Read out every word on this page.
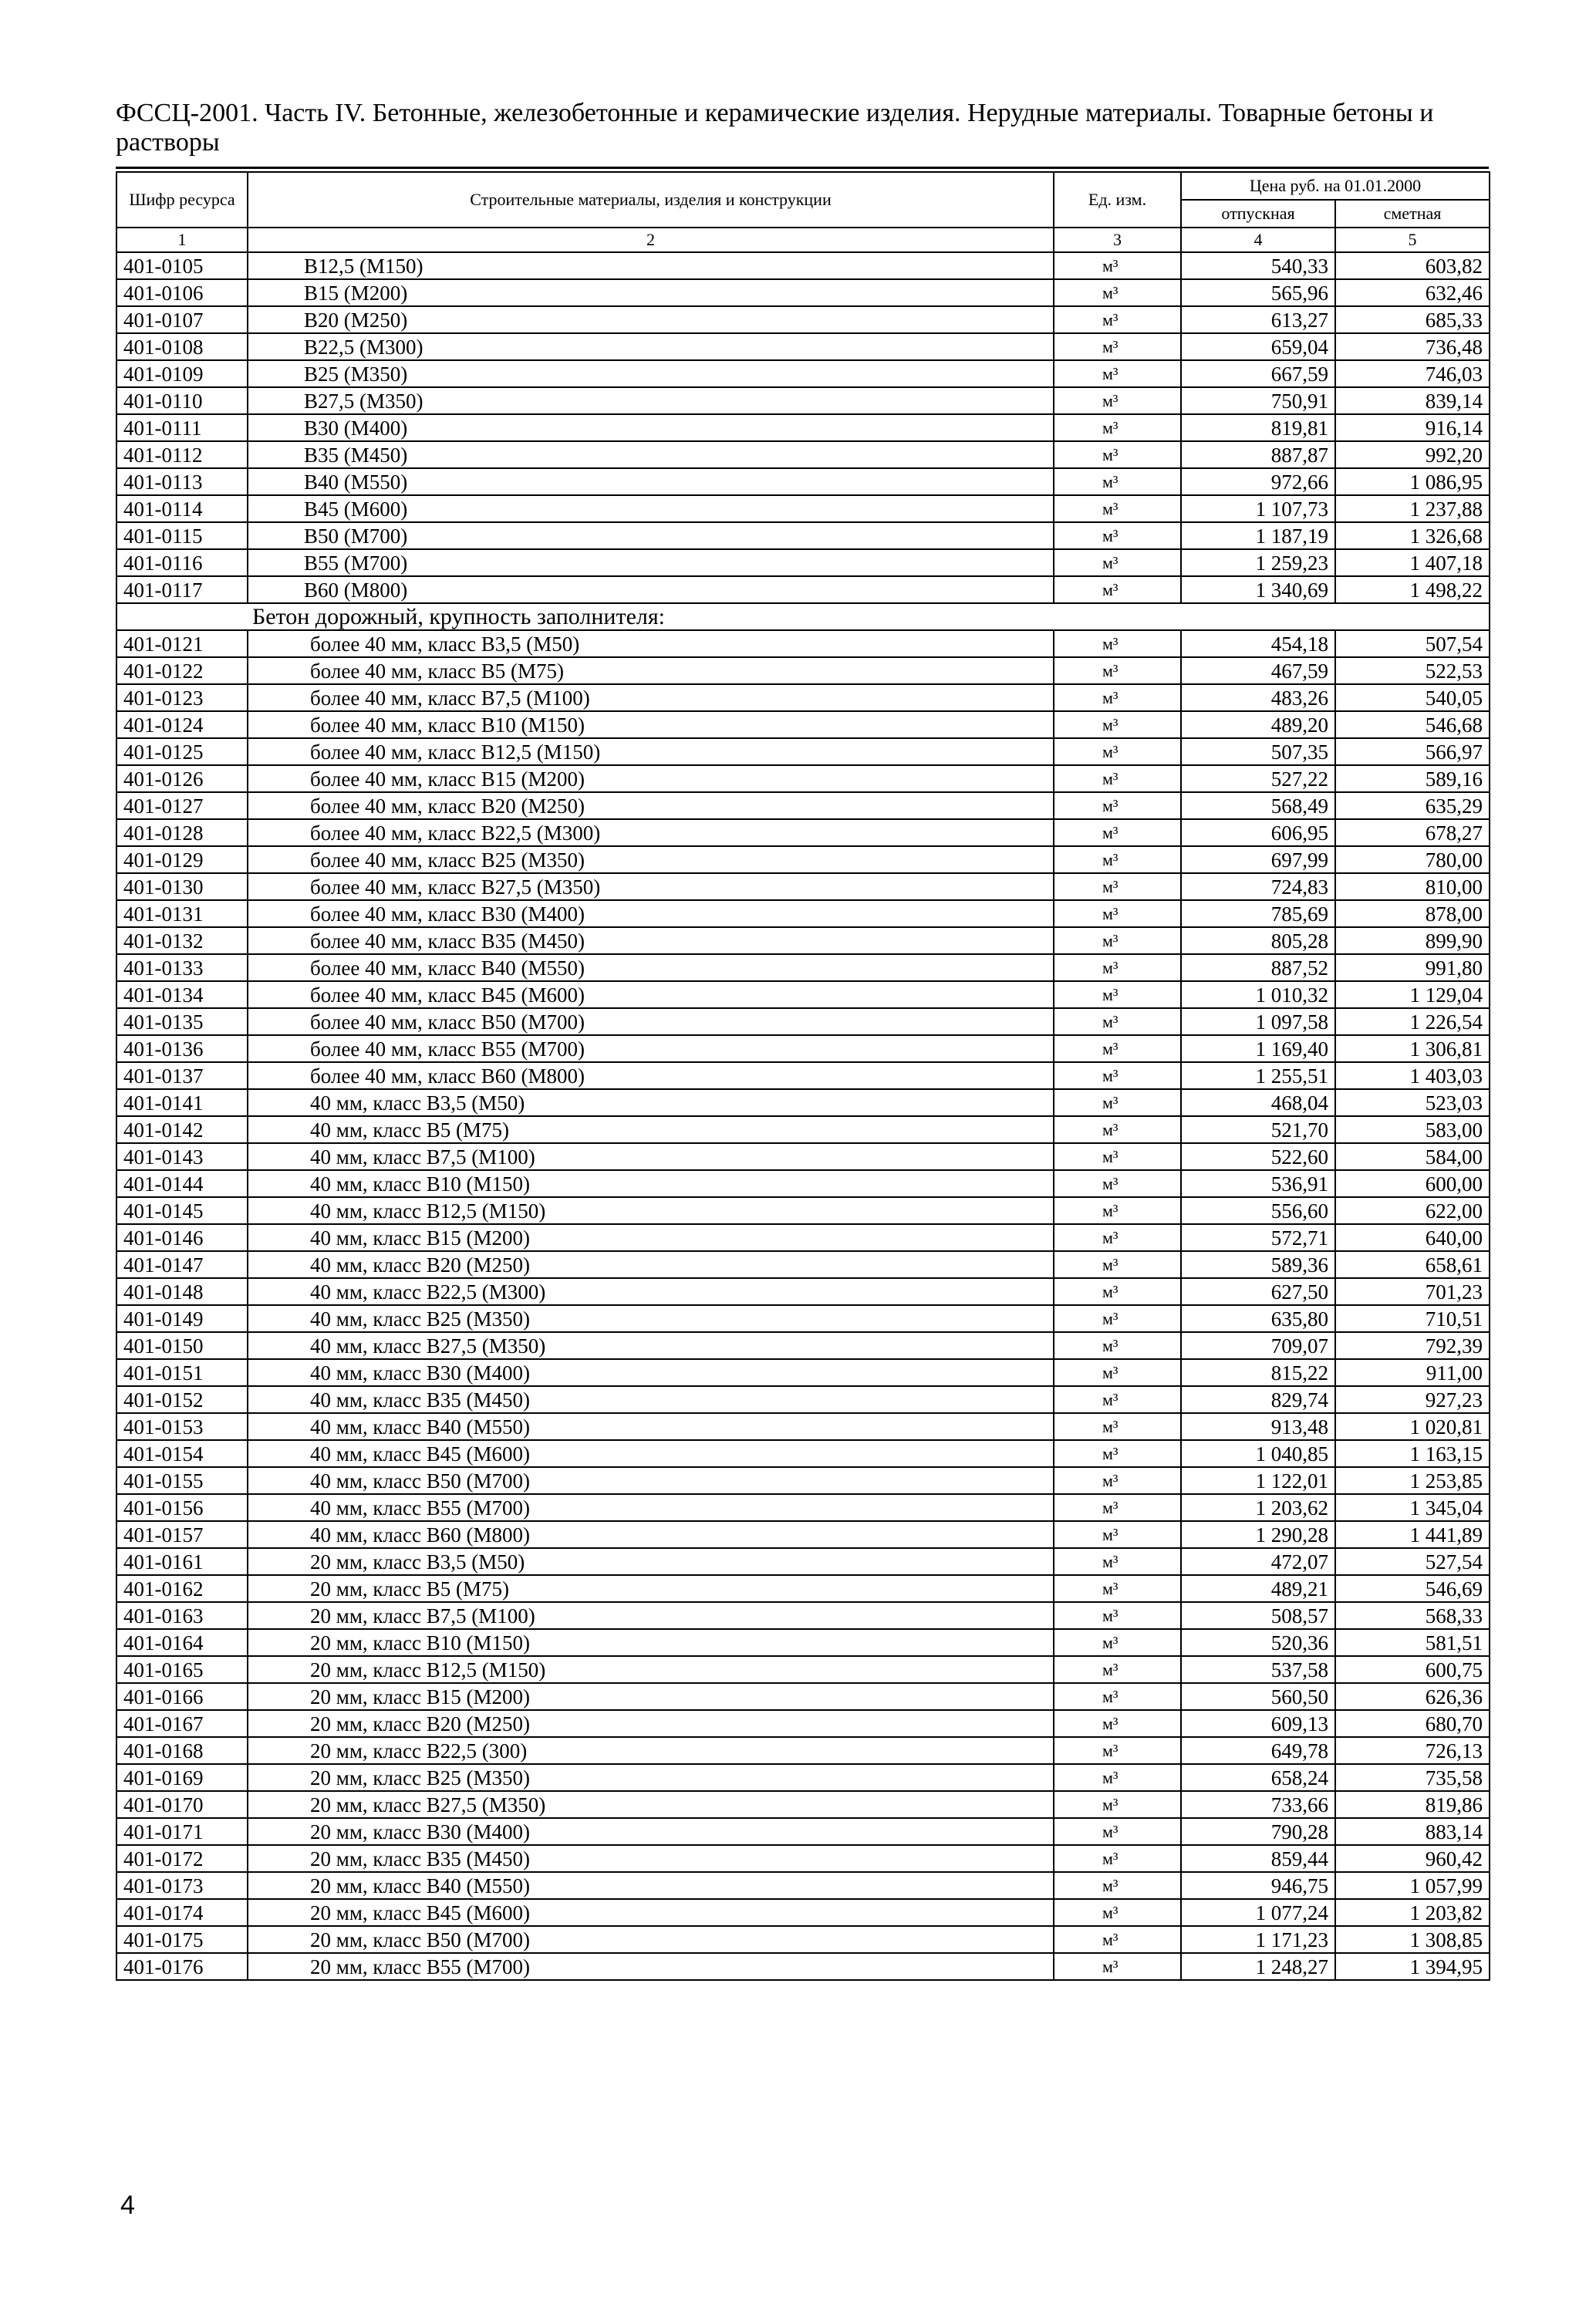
ФССЦ-2001. Часть IV. Бетонные, железобетонные и керамические изделия. Нерудные материалы. Товарные бетоны и растворы
Шифр ресурса	Строительные материалы, изделия и конструкции	Ед. изм.	Цена руб. на 01.01.2000	
			отпускная	сметная
1	2	3	4	5
401-0105	В12,5 (М150)	м³	540,33	603,82
401-0106	В15 (М200)	м³	565,96	632,46
401-0107	В20 (М250)	м³	613,27	685,33
401-0108	В22,5 (М300)	м³	659,04	736,48
401-0109	В25 (М350)	м³	667,59	746,03
401-0110	В27,5 (М350)	м³	750,91	839,14
401-0111	В30 (М400)	м³	819,81	916,14
401-0112	В35 (М450)	м³	887,87	992,20
401-0113	В40 (М550)	м³	972,66	1 086,95
401-0114	В45 (М600)	м³	1 107,73	1 237,88
401-0115	В50 (М700)	м³	1 187,19	1 326,68
401-0116	В55 (М700)	м³	1 259,23	1 407,18
401-0117	В60 (М800)	м³	1 340,69	1 498,22
Бетон дорожный, крупность заполнителя:				
401-0121	более 40 мм, класс В3,5 (М50)	м³	454,18	507,54
401-0122	более 40 мм, класс В5 (М75)	м³	467,59	522,53
401-0123	более 40 мм, класс В7,5 (М100)	м³	483,26	540,05
401-0124	более 40 мм, класс В10 (М150)	м³	489,20	546,68
401-0125	более 40 мм, класс В12,5 (М150)	м³	507,35	566,97
401-0126	более 40 мм, класс В15 (М200)	м³	527,22	589,16
401-0127	более 40 мм, класс В20 (М250)	м³	568,49	635,29
401-0128	более 40 мм, класс В22,5 (М300)	м³	606,95	678,27
401-0129	более 40 мм, класс В25 (М350)	м³	697,99	780,00
401-0130	более 40 мм, класс В27,5 (М350)	м³	724,83	810,00
401-0131	более 40 мм, класс В30 (М400)	м³	785,69	878,00
401-0132	более 40 мм, класс В35 (М450)	м³	805,28	899,90
401-0133	более 40 мм, класс В40 (М550)	м³	887,52	991,80
401-0134	более 40 мм, класс В45 (М600)	м³	1 010,32	1 129,04
401-0135	более 40 мм, класс В50 (М700)	м³	1 097,58	1 226,54
401-0136	более 40 мм, класс В55 (М700)	м³	1 169,40	1 306,81
401-0137	более 40 мм, класс В60 (М800)	м³	1 255,51	1 403,03
401-0141	40 мм, класс В3,5 (М50)	м³	468,04	523,03
401-0142	40 мм, класс В5 (М75)	м³	521,70	583,00
401-0143	40 мм, класс В7,5 (М100)	м³	522,60	584,00
401-0144	40 мм, класс В10 (М150)	м³	536,91	600,00
401-0145	40 мм, класс В12,5 (М150)	м³	556,60	622,00
401-0146	40 мм, класс В15 (М200)	м³	572,71	640,00
401-0147	40 мм, класс В20 (М250)	м³	589,36	658,61
401-0148	40 мм, класс В22,5 (М300)	м³	627,50	701,23
401-0149	40 мм, класс В25 (М350)	м³	635,80	710,51
401-0150	40 мм, класс В27,5 (М350)	м³	709,07	792,39
401-0151	40 мм, класс В30 (М400)	м³	815,22	911,00
401-0152	40 мм, класс В35 (М450)	м³	829,74	927,23
401-0153	40 мм, класс В40 (М550)	м³	913,48	1 020,81
401-0154	40 мм, класс В45 (М600)	м³	1 040,85	1 163,15
401-0155	40 мм, класс В50 (М700)	м³	1 122,01	1 253,85
401-0156	40 мм, класс В55 (М700)	м³	1 203,62	1 345,04
401-0157	40 мм, класс В60 (М800)	м³	1 290,28	1 441,89
401-0161	20 мм, класс В3,5 (М50)	м³	472,07	527,54
401-0162	20 мм, класс В5 (М75)	м³	489,21	546,69
401-0163	20 мм, класс В7,5 (М100)	м³	508,57	568,33
401-0164	20 мм, класс В10 (М150)	м³	520,36	581,51
401-0165	20 мм, класс В12,5 (М150)	м³	537,58	600,75
401-0166	20 мм, класс В15 (М200)	м³	560,50	626,36
401-0167	20 мм, класс В20 (М250)	м³	609,13	680,70
401-0168	20 мм, класс В22,5 (300)	м³	649,78	726,13
401-0169	20 мм, класс В25 (М350)	м³	658,24	735,58
401-0170	20 мм, класс В27,5 (М350)	м³	733,66	819,86
401-0171	20 мм, класс В30 (М400)	м³	790,28	883,14
401-0172	20 мм, класс В35 (М450)	м³	859,44	960,42
401-0173	20 мм, класс В40 (М550)	м³	946,75	1 057,99
401-0174	20 мм, класс В45 (М600)	м³	1 077,24	1 203,82
401-0175	20 мм, класс В50 (М700)	м³	1 171,23	1 308,85
401-0176	20 мм, класс В55 (М700)	м³	1 248,27	1 394,95
4
